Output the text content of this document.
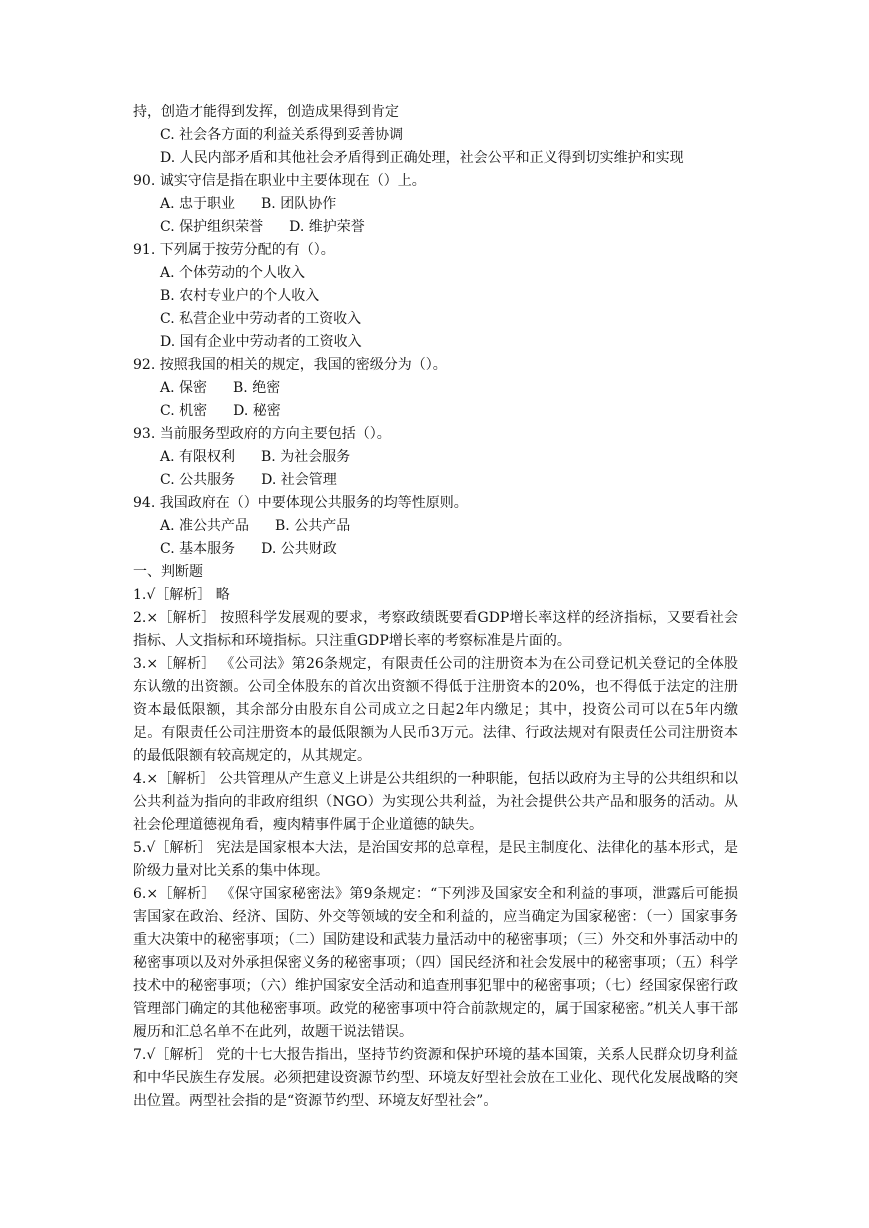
持，创造才能得到发挥，创造成果得到肯定
C. 社会各方面的利益关系得到妥善协调
D. 人民内部矛盾和其他社会矛盾得到正确处理，社会公平和正义得到切实维护和实现
90. 诚实守信是指在职业中主要体现在（）上。
A. 忠于职业 B. 团队协作
C. 保护组织荣誉 D. 维护荣誉
91. 下列属于按劳分配的有（）。
A. 个体劳动的个人收入
B. 农村专业户的个人收入
C. 私营企业中劳动者的工资收入
D. 国有企业中劳动者的工资收入
92. 按照我国的相关的规定，我国的密级分为（）。
A. 保密 B. 绝密
C. 机密 D. 秘密
93. 当前服务型政府的方向主要包括（）。
A. 有限权利 B. 为社会服务
C. 公共服务 D. 社会管理
94. 我国政府在（）中要体现公共服务的均等性原则。
A. 准公共产品 B. 公共产品
C. 基本服务 D. 公共财政
一、判断题
1.√［解析］ 略
2.×［解析］ 按照科学发展观的要求，考察政绩既要看GDP增长率这样的经济指标，又要看社会指标、人文指标和环境指标。只注重GDP增长率的考察标准是片面的。
3.×［解析］ 《公司法》第26条规定，有限责任公司的注册资本为在公司登记机关登记的全体股东认缴的出资额。公司全体股东的首次出资额不得低于注册资本的20%，也不得低于法定的注册资本最低限额，其余部分由股东自公司成立之日起2年内缴足；其中，投资公司可以在5年内缴足。有限责任公司注册资本的最低限额为人民币3万元。法律、行政法规对有限责任公司注册资本的最低限额有较高规定的，从其规定。
4.×［解析］ 公共管理从产生意义上讲是公共组织的一种职能，包括以政府为主导的公共组织和以公共利益为指向的非政府组织（NGO）为实现公共利益，为社会提供公共产品和服务的活动。从社会伦理道德视角看，瘦肉精事件属于企业道德的缺失。
5.√［解析］ 宪法是国家根本大法，是治国安邦的总章程，是民主制度化、法律化的基本形式，是阶级力量对比关系的集中体现。
6.×［解析］ 《保守国家秘密法》第9条规定：“下列涉及国家安全和利益的事项，泄露后可能损害国家在政治、经济、国防、外交等领域的安全和利益的，应当确定为国家秘密：（一）国家事务重大决策中的秘密事项；（二）国防建设和武装力量活动中的秘密事项；（三）外交和外事活动中的秘密事项以及对外承担保密义务的秘密事项；（四）国民经济和社会发展中的秘密事项；（五）科学技术中的秘密事项；（六）维护国家安全活动和追查刑事犯罪中的秘密事项；（七）经国家保密行政管理部门确定的其他秘密事项。政党的秘密事项中符合前款规定的，属于国家秘密。”机关人事干部履历和汇总名单不在此列，故题干说法错误。
7.√［解析］ 党的十七大报告指出，坚持节约资源和保护环境的基本国策，关系人民群众切身利益和中华民族生存发展。必须把建设资源节约型、环境友好型社会放在工业化、现代化发展战略的突出位置。两型社会指的是“资源节约型、环境友好型社会”。
